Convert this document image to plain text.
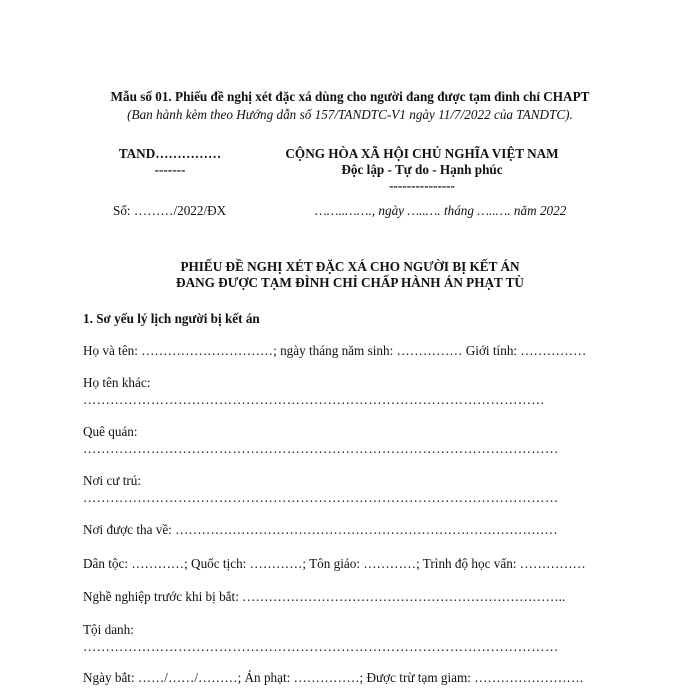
Mẫu số 01. Phiếu đề nghị xét đặc xá dùng cho người đang được tạm đình chỉ CHAPT
(Ban hành kèm theo Hướng dẫn số 157/TANDTC-V1 ngày 11/7/2022 của TANDTC).
TAND……………
-------
CỘNG HÒA XÃ HỘI CHỦ NGHĨA VIỆT NAM
Độc lập - Tự do - Hạnh phúc
---------------
Số: ………/2022/ĐX	……..……., ngày …..…. tháng …..…. năm 2022
PHIẾU ĐỀ NGHỊ XÉT ĐẶC XÁ CHO NGƯỜI BỊ KẾT ÁN
ĐANG ĐƯỢC TẠM ĐÌNH CHỈ CHẤP HÀNH ÁN PHẠT TÙ
1. Sơ yếu lý lịch người bị kết án
Họ và tên: …………………………; ngày tháng năm sinh: …………… Giới tính: ……………
Họ tên khác:
…………………………………………………………………………………………
Quê quán:
……………………………………………………………………………………………
Nơi cư trú:
……………………………………………………………………………………………
Nơi được tha về: ……………………………………………………………………………
Dân tộc: …………; Quốc tịch: …………; Tôn giáo: …………; Trình độ học vấn: ……………
Nghề nghiệp trước khi bị bắt: ………………………………………………………………..
Tội danh:
……………………………………………………………………………………………
Ngày bắt: ……/……/………; Án phạt: ……………; Được trừ tạm giam: …………………….
